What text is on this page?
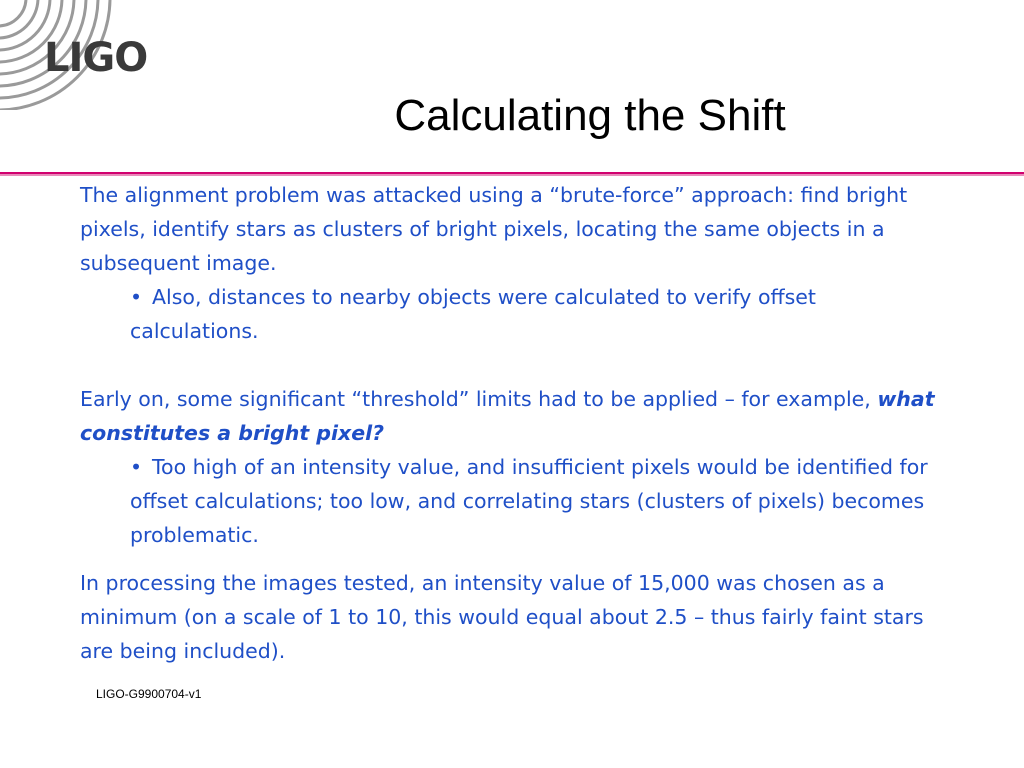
LIGO
Calculating the Shift

The alignment problem was attacked using a “brute-force” approach: find bright pixels, identify stars as clusters of bright pixels, locating the same objects in a subsequent image.

• Also, distances to nearby objects were calculated to verify offset calculations.

Early on, some significant “threshold” limits had to be applied – for example, what constitutes a bright pixel?

• Too high of an intensity value, and insufficient pixels would be identified for offset calculations; too low, and correlating stars (clusters of pixels) becomes problematic.

In processing the images tested, an intensity value of 15,000 was chosen as a minimum (on a scale of 1 to 10, this would equal about 2.5 – thus fairly faint stars are being included).

LIGO-G9900704-v1
